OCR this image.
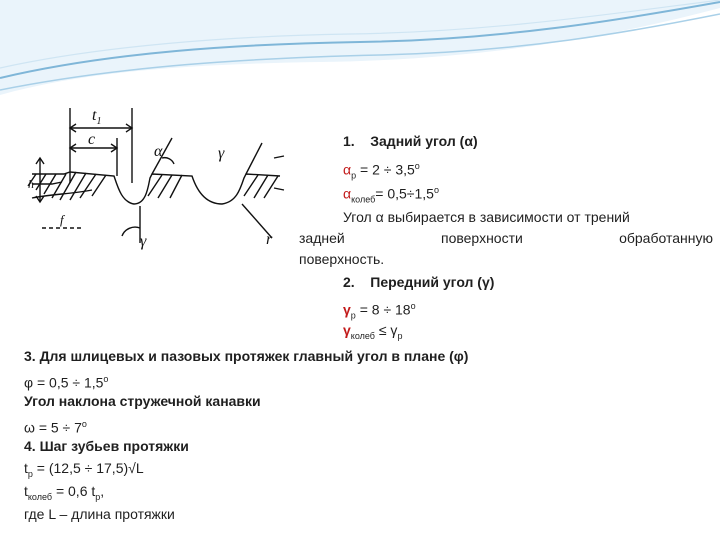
$t_1$
c
α	γ
γ	r
h
f
1. Задний угол (α)
$\alpha_р = 2 \div 3,5^o$
$\alpha_{колеб}= 0,5\div 1,5^o$
Угол α выбирается в зависимости от трений
задней	поверхности	обработанную
поверхность.
2. Передний угол (γ)
$\gamma_р = 8 \div 18^o$
$\gamma_{колеб} \le \gamma_р$
3. Для шлицевых и пазовых протяжек главный угол в плане (φ)
$\varphi = 0,5 \div 1,5^o$
Угол наклона стружечной канавки
$\omega = 5 \div 7^o$
4. Шаг зубьев протяжки
$t_р = (12,5 \div 17,5)√L$
$t_{колеб} = 0,6$ $t_р$,
где L – длина протяжки
